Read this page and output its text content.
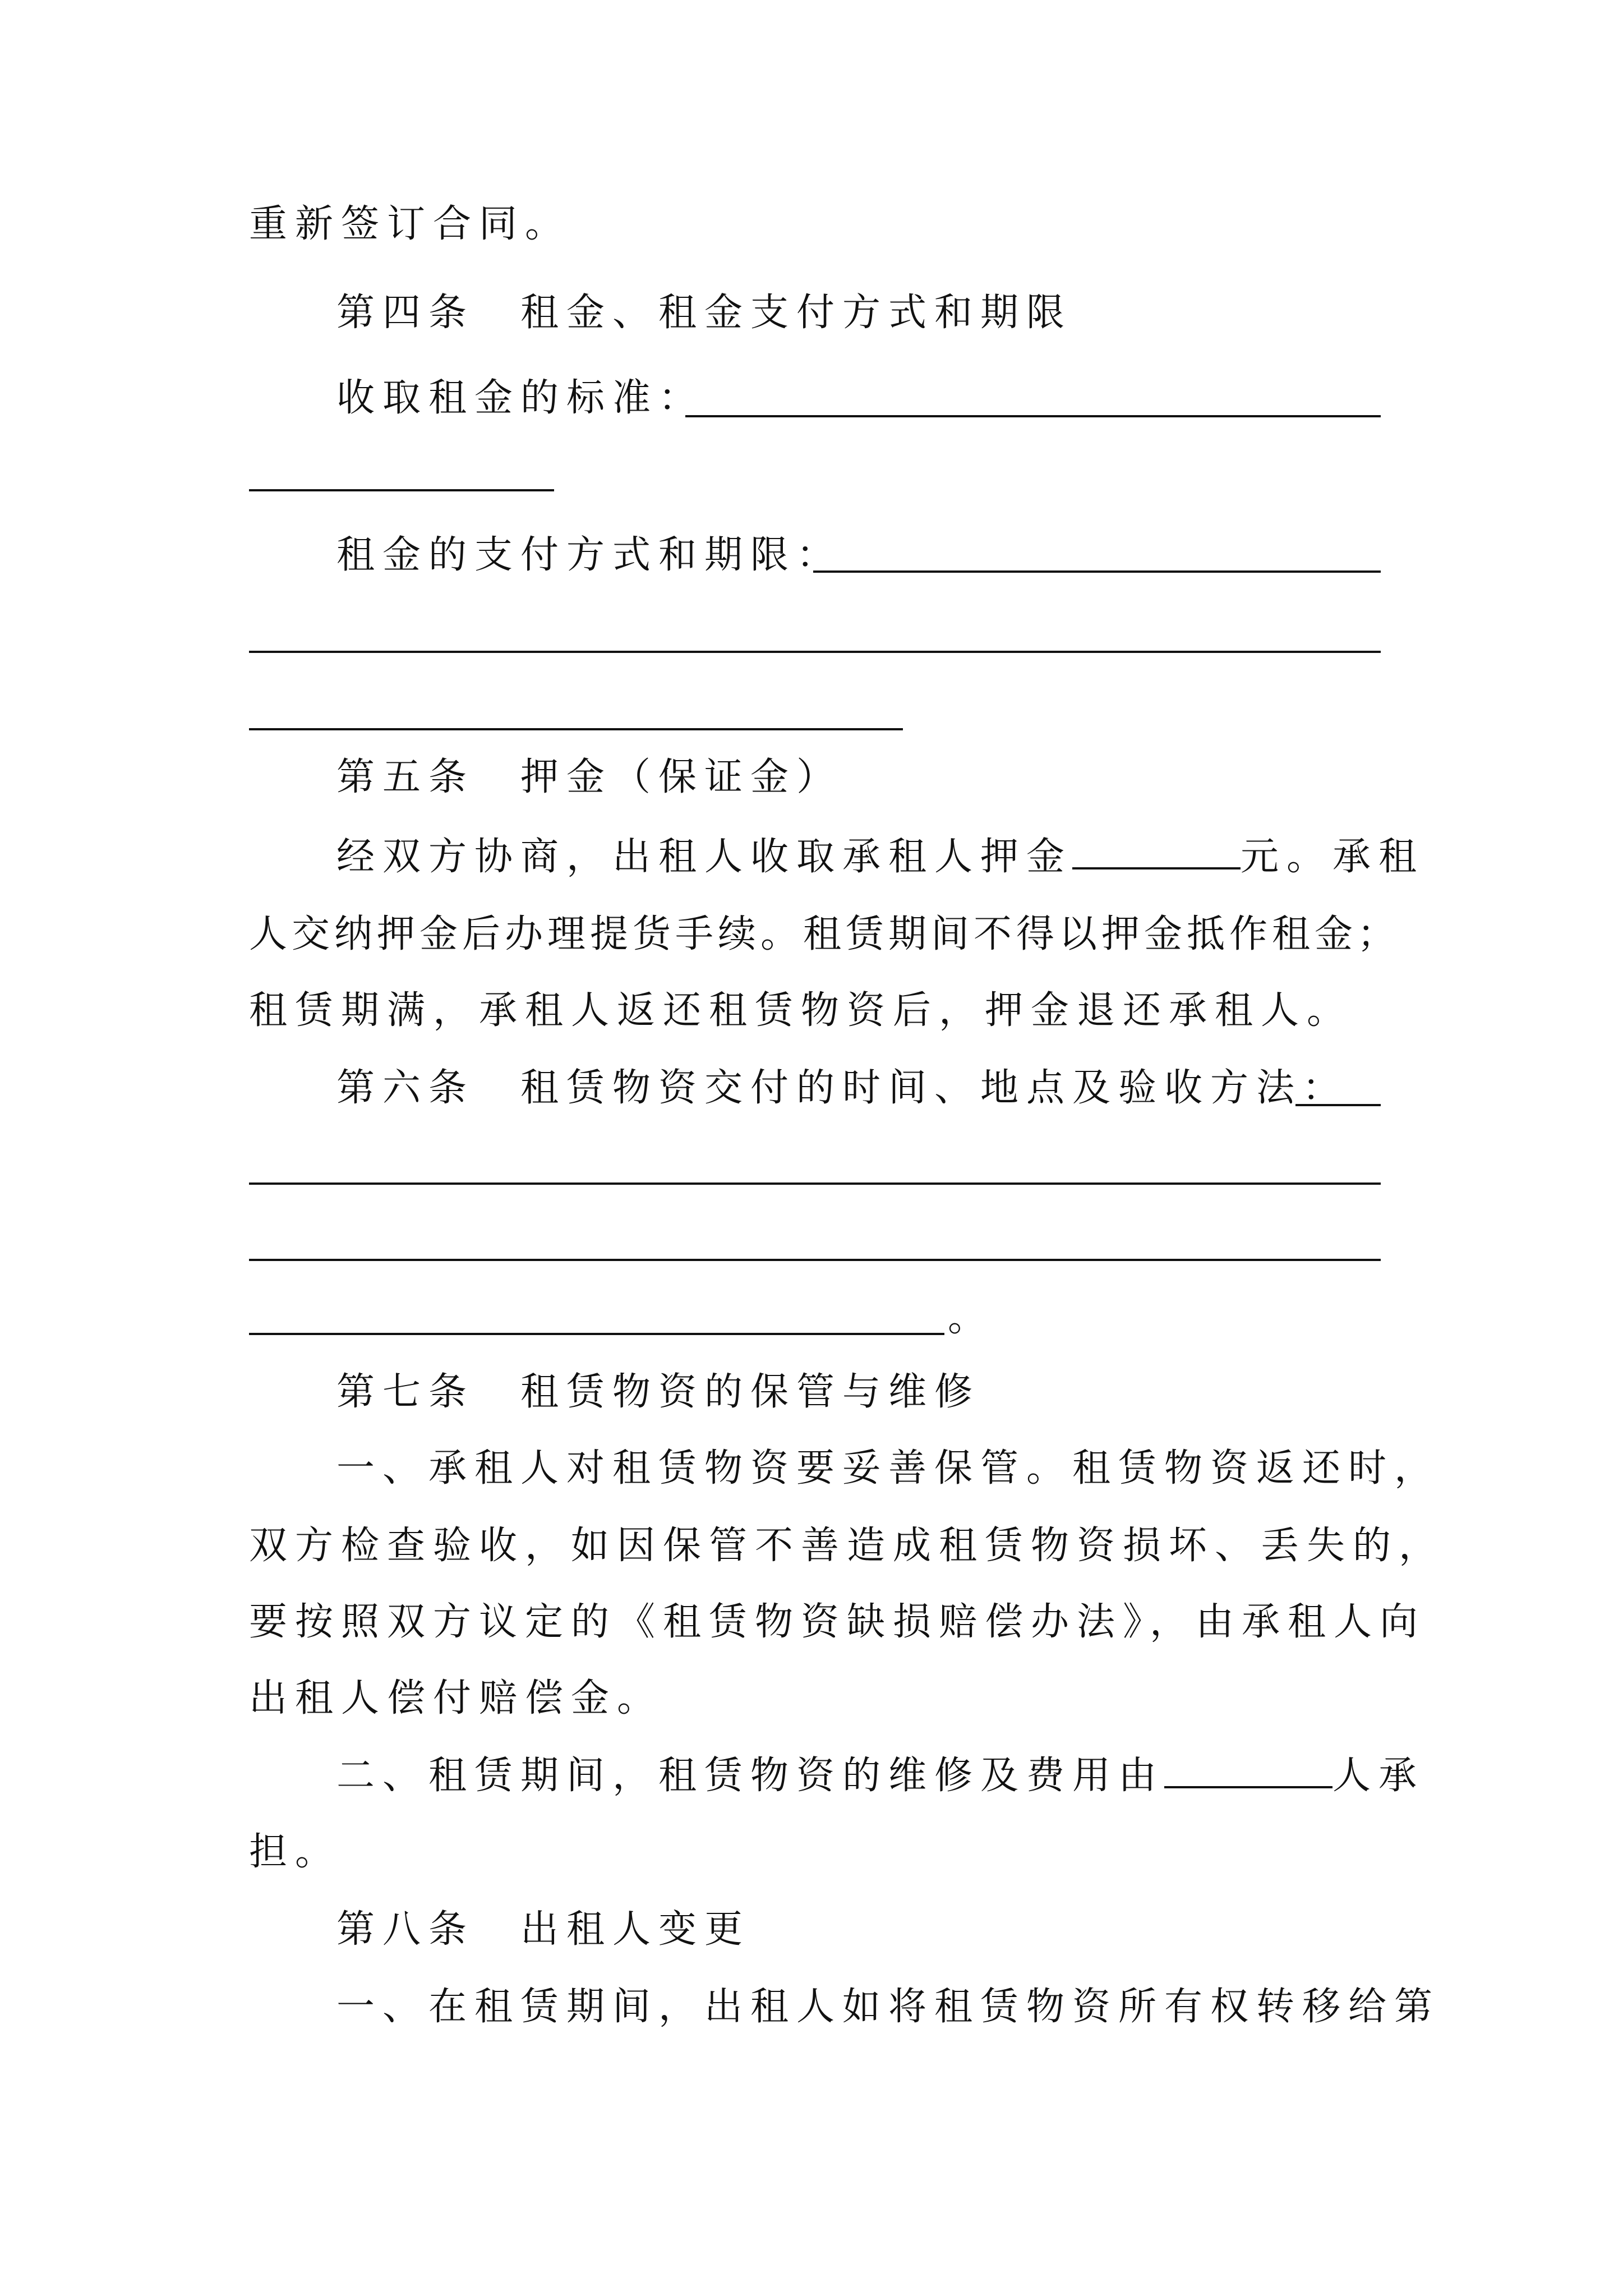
重新签订合同。
第四条　租金、租金支付方式和期限
收取租金的标准：
租金的支付方式和期限：
第五条　押金（保证金）
经双方协商，出租人收取承租人押金	元。承租
人交纳押金后办理提货手续。租赁期间不得以押金抵作租金；
租赁期满，承租人返还租赁物资后，押金退还承租人。
第六条　租赁物资交付的时间、地点及验收方法：
。
第七条　租赁物资的保管与维修
一、承租人对租赁物资要妥善保管。租赁物资返还时，
双方检查验收，如因保管不善造成租赁物资损坏、丢失的，
要按照双方议定的《租赁物资缺损赔偿办法》，由承租人向
出租人偿付赔偿金。
二、租赁期间，租赁物资的维修及费用由	人承
担。
第八条　出租人变更
一、在租赁期间，出租人如将租赁物资所有权转移给第
